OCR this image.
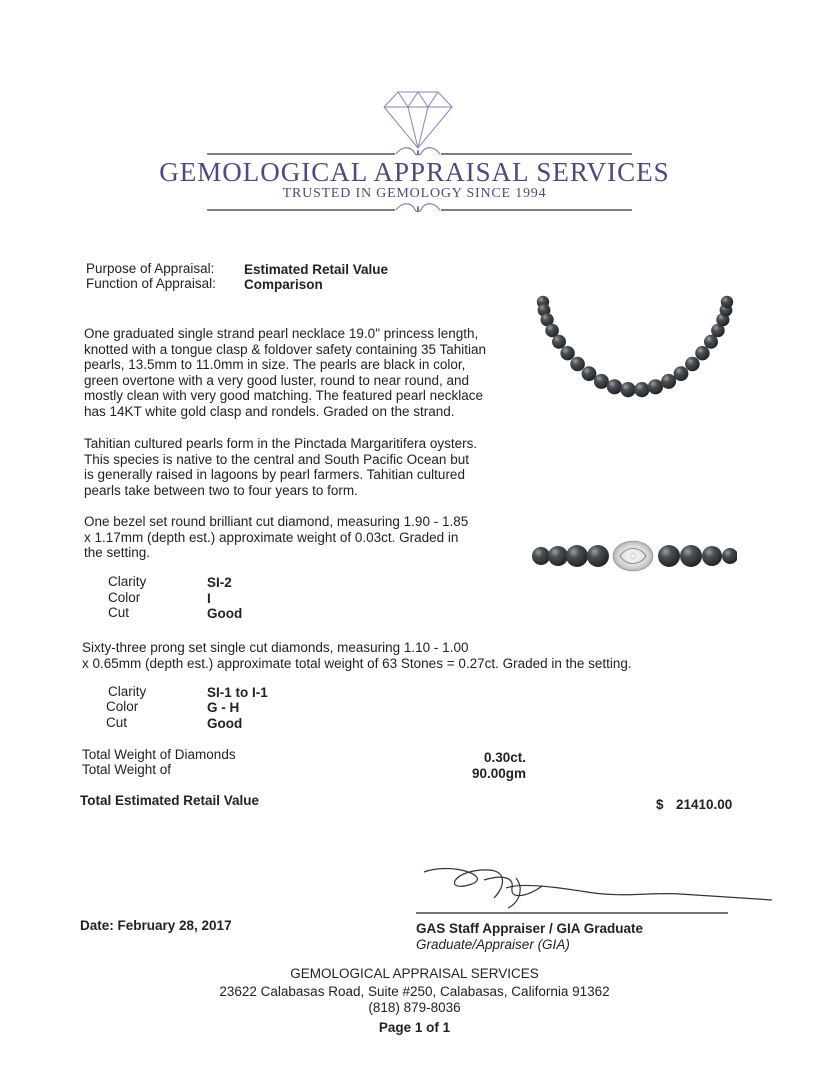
GEMOLOGICAL APPRAISAL SERVICES
TRUSTED IN GEMOLOGY SINCE 1994
Purpose of Appraisal: Estimated Retail Value
Function of Appraisal: Comparison
One graduated single strand pearl necklace 19.0" princess length,
knotted with a tongue clasp & foldover safety containing 35 Tahitian
pearls, 13.5mm to 11.0mm in size. The pearls are black in color,
green overtone with a very good luster, round to near round, and
mostly clean with very good matching. The featured pearl necklace
has 14KT white gold clasp and rondels. Graded on the strand.
Tahitian cultured pearls form in the Pinctada Margaritifera oysters.
This species is native to the central and South Pacific Ocean but
is generally raised in lagoons by pearl farmers. Tahitian cultured
pearls take between two to four years to form.
One bezel set round brilliant cut diamond, measuring 1.90 - 1.85
x 1.17mm (depth est.) approximate weight of 0.03ct. Graded in
the setting.
Clarity	SI-2
Color	I
Cut	Good
Sixty-three prong set single cut diamonds, measuring 1.10 - 1.00
x 0.65mm (depth est.) approximate total weight of 63 Stones = 0.27ct. Graded in the setting.
Clarity	SI-1 to I-1
Color	G - H
Cut	Good
Total Weight of Diamonds	0.30ct.
Total Weight of	90.00gm
Total Estimated Retail Value	$ 21410.00
Date: February 28, 2017	GAS Staff Appraiser / GIA Graduate
Graduate/Appraiser (GIA)
GEMOLOGICAL APPRAISAL SERVICES
23622 Calabasas Road, Suite #250, Calabasas, California 91362
(818) 879-8036
Page 1 of 1
